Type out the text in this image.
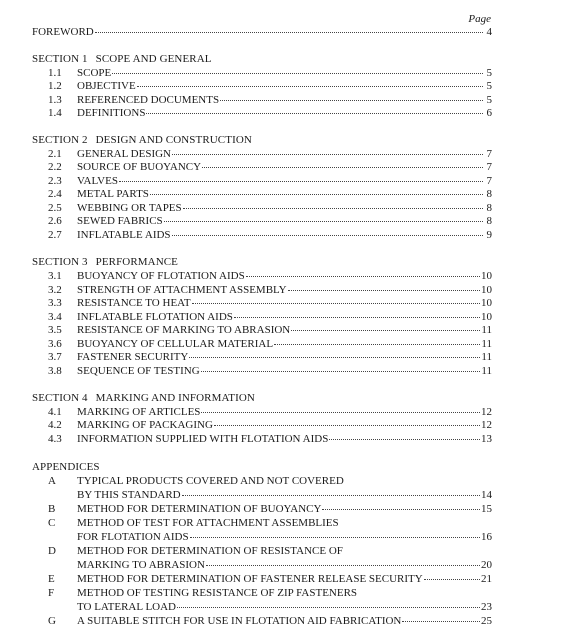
Page
FOREWORD	4
SECTION 1 SCOPE AND GENERAL
1.1	SCOPE	5
1.2	OBJECTIVE	5
1.3	REFERENCED DOCUMENTS	5
1.4	DEFINITIONS	6
SECTION 2 DESIGN AND CONSTRUCTION
2.1	GENERAL DESIGN	7
2.2	SOURCE OF BUOYANCY	7
2.3	VALVES	7
2.4	METAL PARTS	8
2.5	WEBBING OR TAPES	8
2.6	SEWED FABRICS	8
2.7	INFLATABLE AIDS	9
SECTION 3 PERFORMANCE
3.1	BUOYANCY OF FLOTATION AIDS	10
3.2	STRENGTH OF ATTACHMENT ASSEMBLY	10
3.3	RESISTANCE TO HEAT	10
3.4	INFLATABLE FLOTATION AIDS	10
3.5	RESISTANCE OF MARKING TO ABRASION	11
3.6	BUOYANCY OF CELLULAR MATERIAL	11
3.7	FASTENER SECURITY	11
3.8	SEQUENCE OF TESTING	11
SECTION 4 MARKING AND INFORMATION
4.1	MARKING OF ARTICLES	12
4.2	MARKING OF PACKAGING	12
4.3	INFORMATION SUPPLIED WITH FLOTATION AIDS	13
APPENDICES
A	TYPICAL PRODUCTS COVERED AND NOT COVERED
BY THIS STANDARD	14
B	METHOD FOR DETERMINATION OF BUOYANCY	15
C	METHOD OF TEST FOR ATTACHMENT ASSEMBLIES
FOR FLOTATION AIDS	16
D	METHOD FOR DETERMINATION OF RESISTANCE OF
MARKING TO ABRASION	20
E	METHOD FOR DETERMINATION OF FASTENER RELEASE SECURITY	21
F	METHOD OF TESTING RESISTANCE OF ZIP FASTENERS
TO LATERAL LOAD	23
G	A SUITABLE STITCH FOR USE IN FLOTATION AID FABRICATION	25
